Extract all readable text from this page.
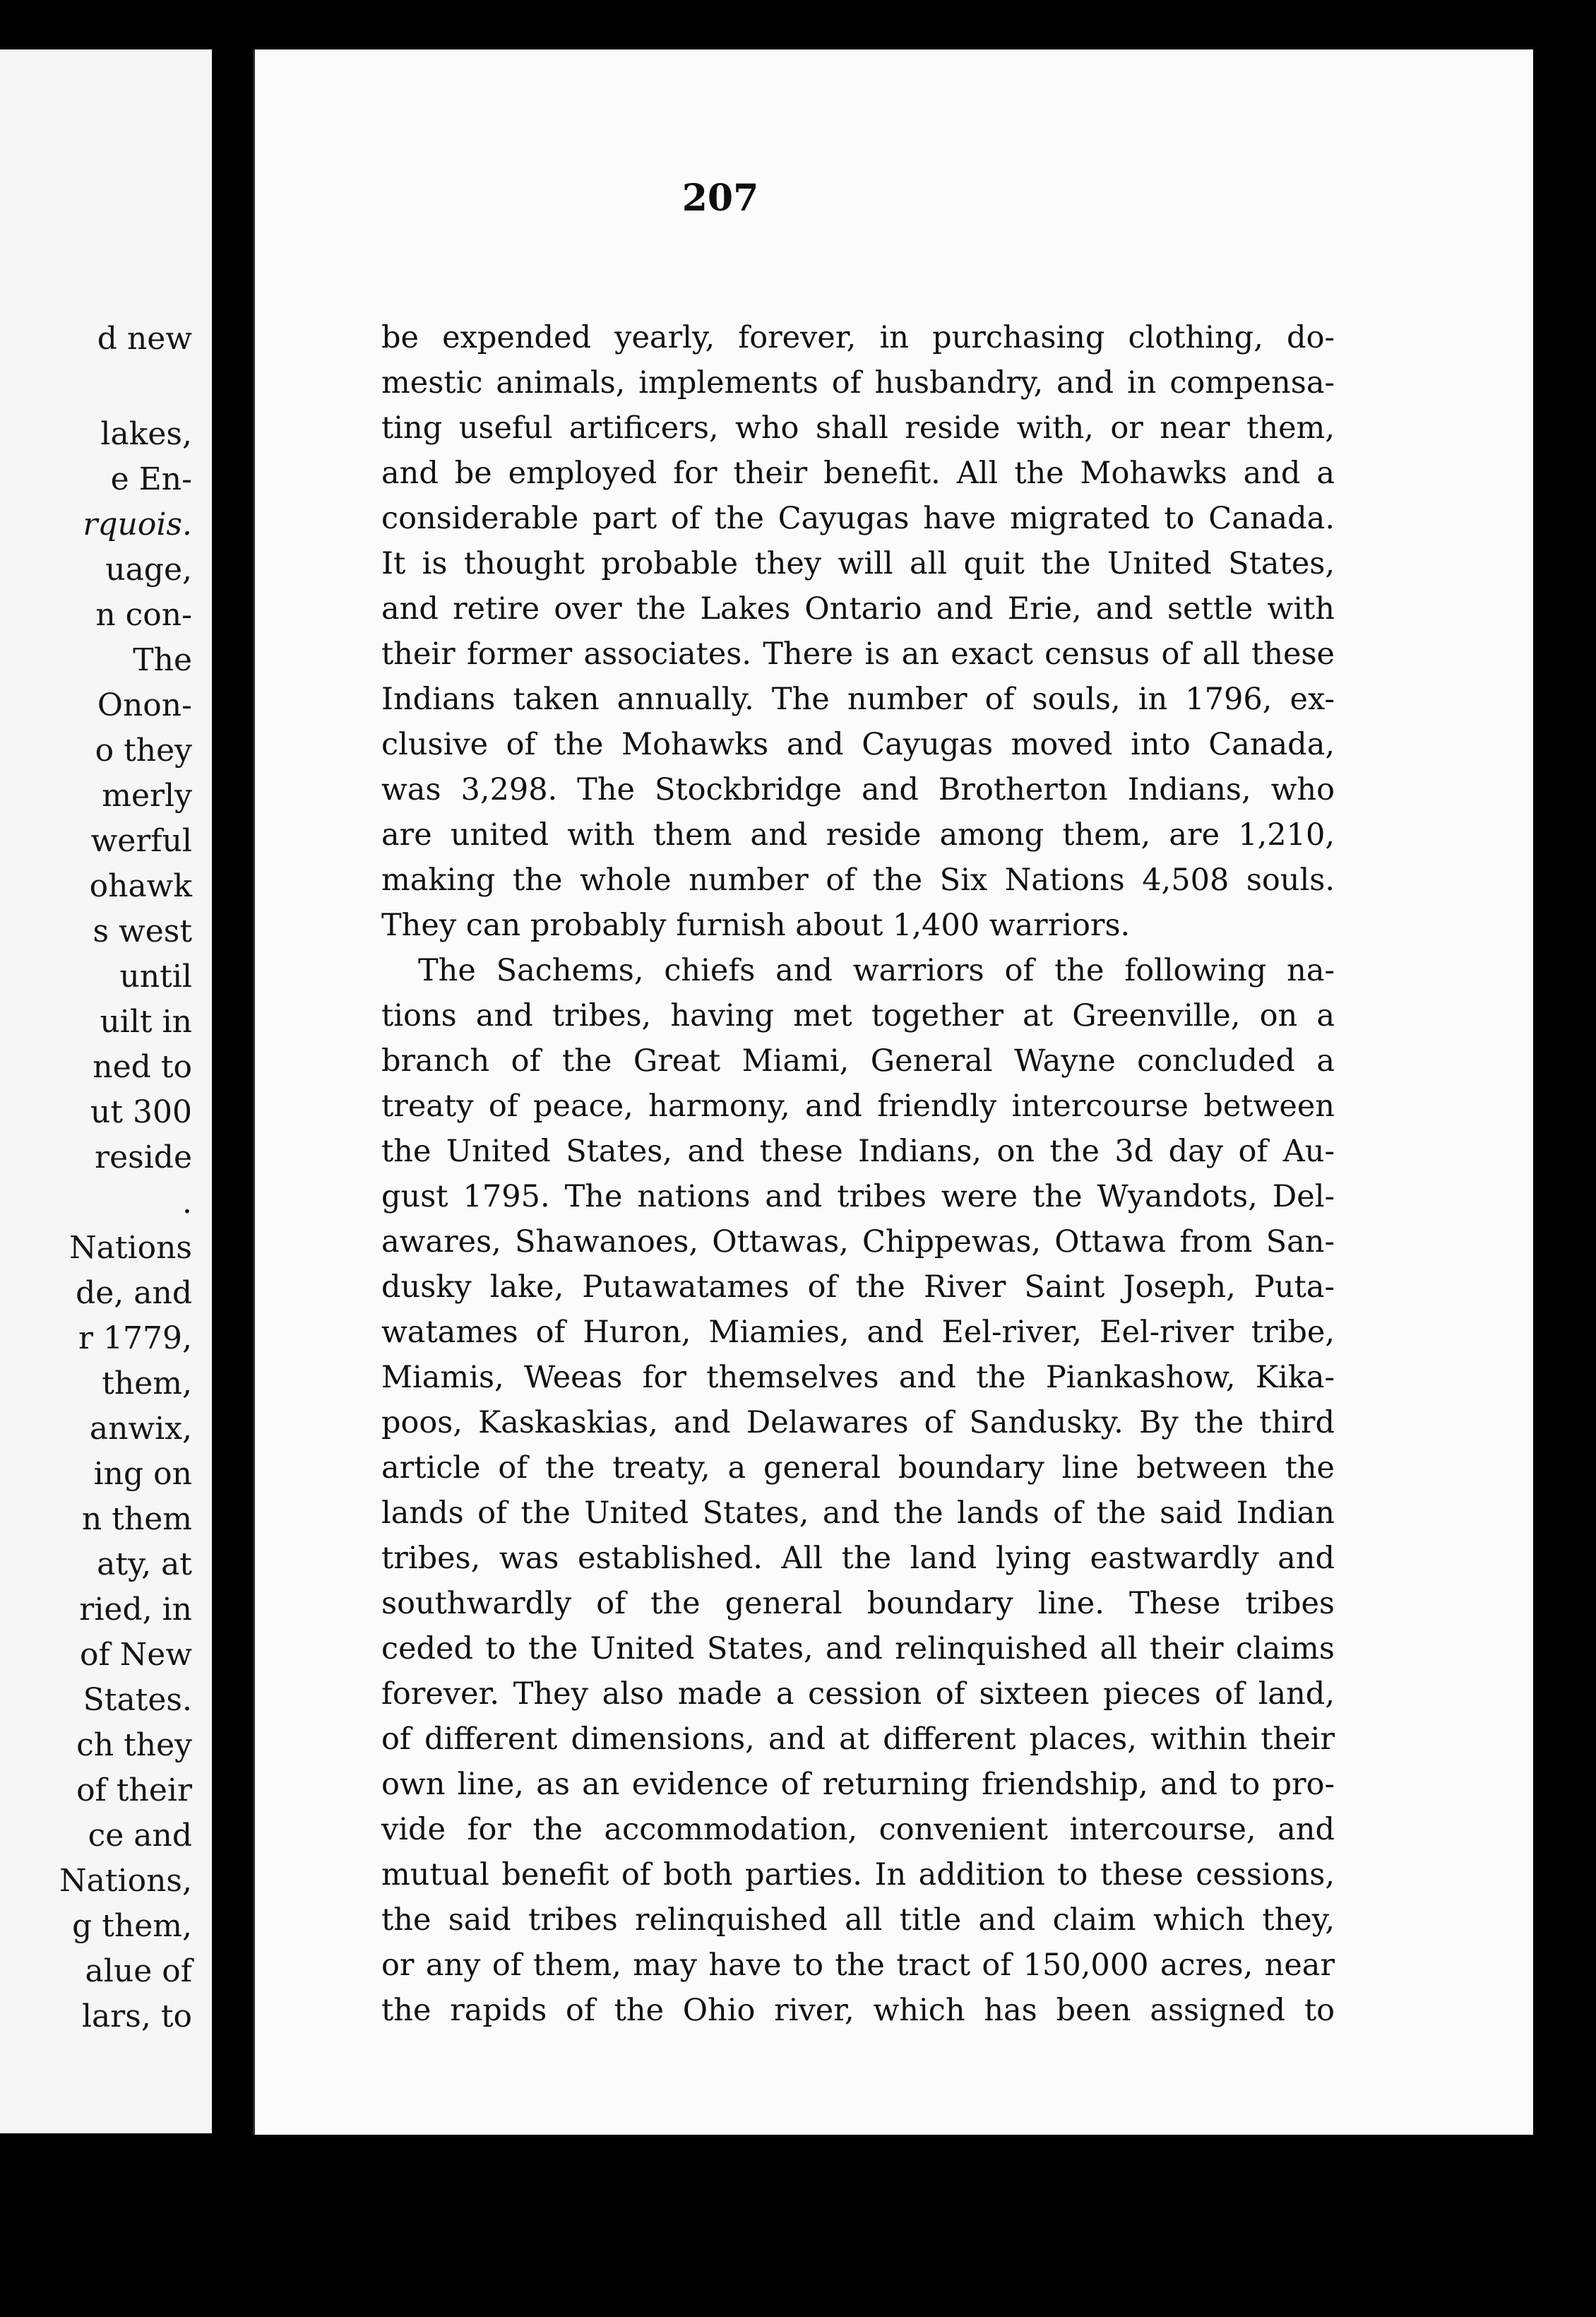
d new
lakes,
e En-
rquois.
uage,
n con-
The
Onon-
o they
merly
werful
ohawk
s west
until
uilt in
ned to
ut 300
reside
.
Nations
de, and
r 1779,
them,
anwix,
ing on
n them
aty, at
ried, in
of New
States.
ch they
of their
ce and
Nations,
g them,
alue of
lars, to
207
be expended yearly, forever, in purchasing clothing, do-
mestic animals, implements of husbandry, and in compensa-
ting useful artificers, who shall reside with, or near them,
and be employed for their benefit. All the Mohawks and a
considerable part of the Cayugas have migrated to Canada.
It is thought probable they will all quit the United States,
and retire over the Lakes Ontario and Erie, and settle with
their former associates. There is an exact census of all these
Indians taken annually. The number of souls, in 1796, ex-
clusive of the Mohawks and Cayugas moved into Canada,
was 3,298. The Stockbridge and Brotherton Indians, who
are united with them and reside among them, are 1,210,
making the whole number of the Six Nations 4,508 souls.
They can probably furnish about 1,400 warriors.
The Sachems, chiefs and warriors of the following na-
tions and tribes, having met together at Greenville, on a
branch of the Great Miami, General Wayne concluded a
treaty of peace, harmony, and friendly intercourse between
the United States, and these Indians, on the 3d day of Au-
gust 1795. The nations and tribes were the Wyandots, Del-
awares, Shawanoes, Ottawas, Chippewas, Ottawa from San-
dusky lake, Putawatames of the River Saint Joseph, Puta-
watames of Huron, Miamies, and Eel-river, Eel-river tribe,
Miamis, Weeas for themselves and the Piankashow, Kika-
poos, Kaskaskias, and Delawares of Sandusky. By the third
article of the treaty, a general boundary line between the
lands of the United States, and the lands of the said Indian
tribes, was established. All the land lying eastwardly and
southwardly of the general boundary line. These tribes
ceded to the United States, and relinquished all their claims
forever. They also made a cession of sixteen pieces of land,
of different dimensions, and at different places, within their
own line, as an evidence of returning friendship, and to pro-
vide for the accommodation, convenient intercourse, and
mutual benefit of both parties. In addition to these cessions,
the said tribes relinquished all title and claim which they,
or any of them, may have to the tract of 150,000 acres, near
the rapids of the Ohio river, which has been assigned to
